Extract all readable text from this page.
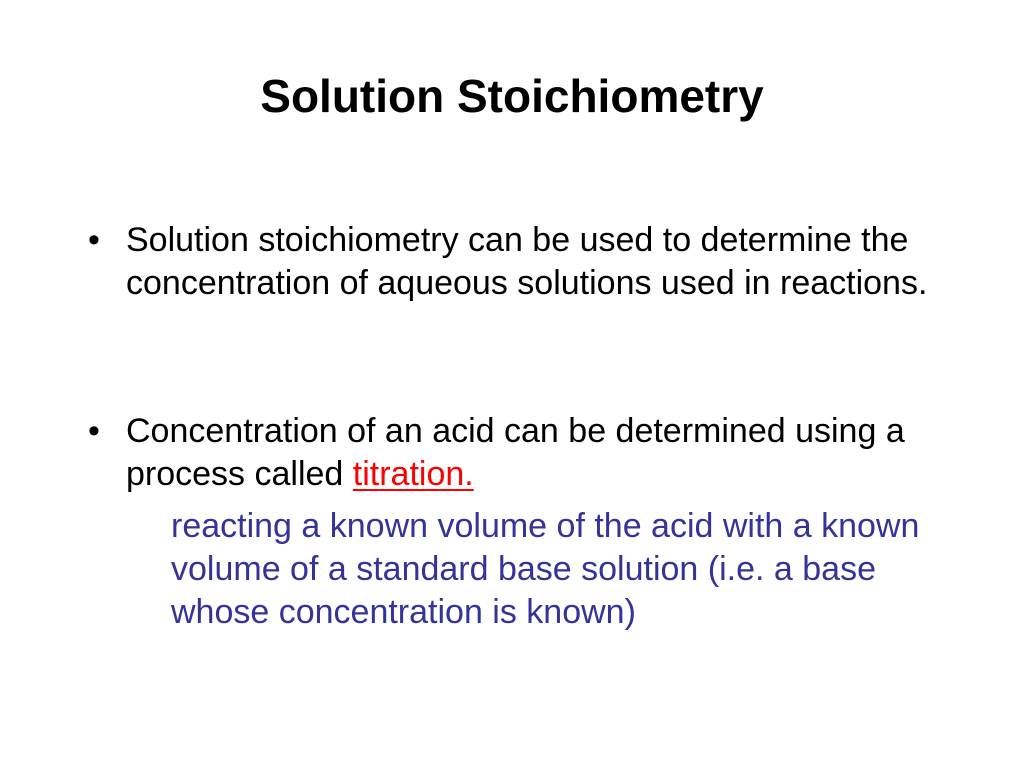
Solution Stoichiometry
• Solution stoichiometry can be used to determine the concentration of aqueous solutions used in reactions.
• Concentration of an acid can be determined using a process called titration.

reacting a known volume of the acid with a known volume of a standard base solution (i.e. a base whose concentration is known)
